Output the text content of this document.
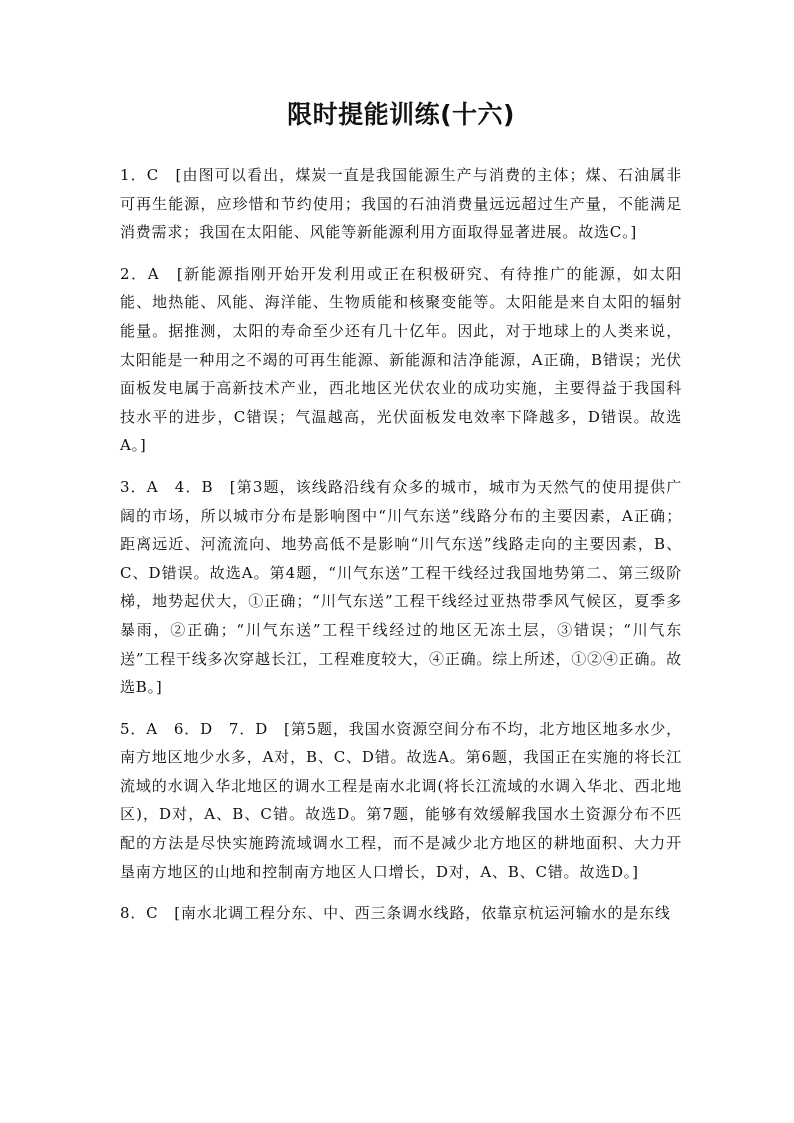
限时提能训练(十六)

1．C　[由图可以看出，煤炭一直是我国能源生产与消费的主体；煤、石油属非可再生能源，应珍惜和节约使用；我国的石油消费量远远超过生产量，不能满足消费需求；我国在太阳能、风能等新能源利用方面取得显著进展。故选C。]

2．A　[新能源指刚开始开发利用或正在积极研究、有待推广的能源，如太阳能、地热能、风能、海洋能、生物质能和核聚变能等。太阳能是来自太阳的辐射能量。据推测，太阳的寿命至少还有几十亿年。因此，对于地球上的人类来说，太阳能是一种用之不竭的可再生能源、新能源和洁净能源，A正确，B错误；光伏面板发电属于高新技术产业，西北地区光伏农业的成功实施，主要得益于我国科技水平的进步，C错误；气温越高，光伏面板发电效率下降越多，D错误。故选A。]

3．A　4．B　[第3题，该线路沿线有众多的城市，城市为天然气的使用提供广阔的市场，所以城市分布是影响图中“川气东送”线路分布的主要因素，A正确；距离远近、河流流向、地势高低不是影响“川气东送”线路走向的主要因素，B、C、D错误。故选A。第4题，“川气东送”工程干线经过我国地势第二、第三级阶梯，地势起伏大，①正确；“川气东送”工程干线经过亚热带季风气候区，夏季多暴雨，②正确；“川气东送”工程干线经过的地区无冻土层，③错误；“川气东送”工程干线多次穿越长江，工程难度较大，④正确。综上所述，①②④正确。故选B。]

5．A　6．D　7．D　[第5题，我国水资源空间分布不均，北方地区地多水少，南方地区地少水多，A对，B、C、D错。故选A。第6题，我国正在实施的将长江流域的水调入华北地区的调水工程是南水北调(将长江流域的水调入华北、西北地区)，D对，A、B、C错。故选D。第7题，能够有效缓解我国水土资源分布不匹配的方法是尽快实施跨流域调水工程，而不是减少北方地区的耕地面积、大力开垦南方地区的山地和控制南方地区人口增长，D对，A、B、C错。故选D。]

8．C　[南水北调工程分东、中、西三条调水线路，依靠京杭运河输水的是东线
